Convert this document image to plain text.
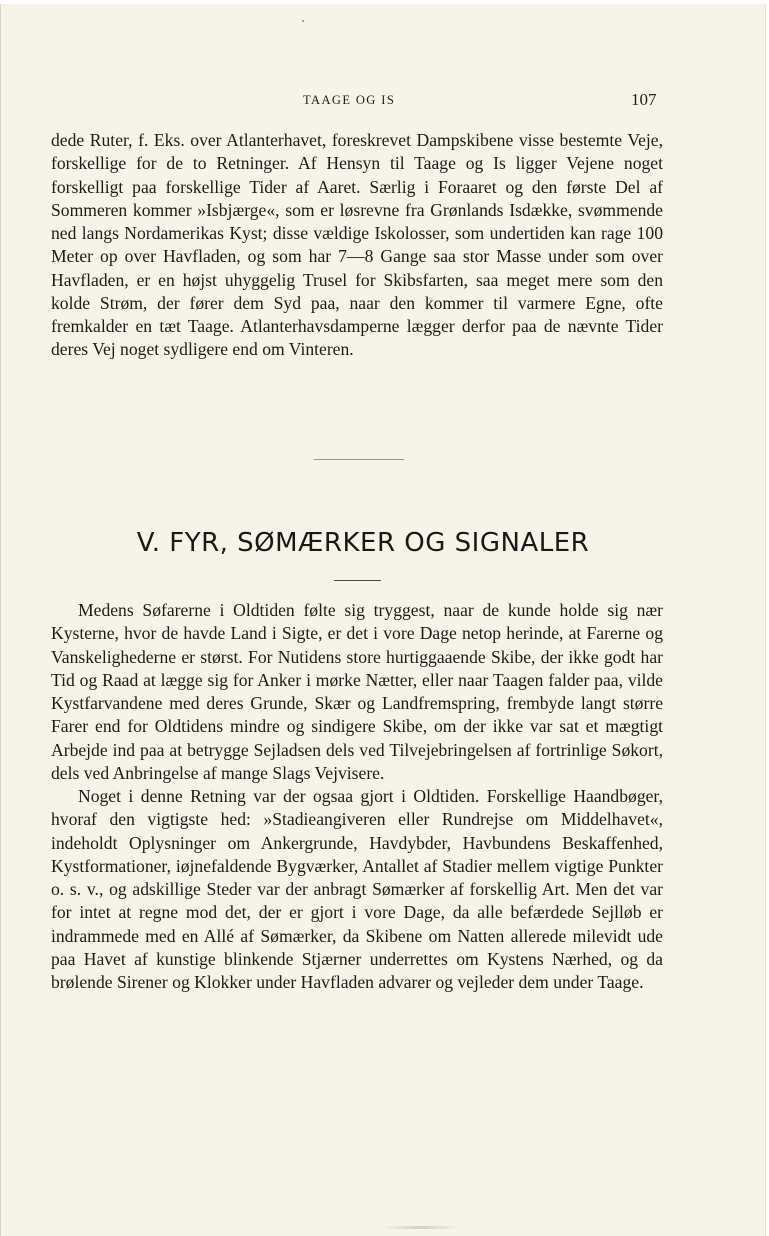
TAAGE OG IS	107

dede Ruter, f. Eks. over Atlanterhavet, foreskrevet Dampskibene visse bestemte Veje, forskellige for de to Retninger. Af Hensyn til Taage og Is ligger Vejene noget forskelligt paa forskellige Tider af Aaret. Særlig i Foraaret og den første Del af Sommeren kommer »Isbjærge«, som er løsrevne fra Grønlands Isdække, svømmende ned langs Nordamerikas Kyst; disse vældige Iskolosser, som undertiden kan rage 100 Meter op over Havfladen, og som har 7—8 Gange saa stor Masse under som over Havfladen, er en højst uhyggelig Trusel for Skibsfarten, saa meget mere som den kolde Strøm, der fører dem Syd paa, naar den kommer til varmere Egne, ofte fremkalder en tæt Taage. Atlanterhavsdamperne lægger derfor paa de nævnte Tider deres Vej noget sydligere end om Vinteren.

V. FYR, SØMÆRKER OG SIGNALER

Medens Søfarerne i Oldtiden følte sig tryggest, naar de kunde holde sig nær Kysterne, hvor de havde Land i Sigte, er det i vore Dage netop herinde, at Farerne og Vanskelighederne er størst. For Nutidens store hurtiggaaende Skibe, der ikke godt har Tid og Raad at lægge sig for Anker i mørke Nætter, eller naar Taagen falder paa, vilde Kystfarvandene med deres Grunde, Skær og Landfremspring, frembyde langt større Farer end for Oldtidens mindre og sindigere Skibe, om der ikke var sat et mægtigt Arbejde ind paa at betrygge Sejladsen dels ved Tilvejebringelsen af fortrinlige Søkort, dels ved Anbringelse af mange Slags Vejvisere.

Noget i denne Retning var der ogsaa gjort i Oldtiden. Forskellige Haandbøger, hvoraf den vigtigste hed: »Stadieangiveren eller Rundrejse om Middelhavet«, indeholdt Oplysninger om Ankergrunde, Havdybder, Havbundens Beskaffenhed, Kystformationer, iøjnefaldende Bygværker, Antallet af Stadier mellem vigtige Punkter o. s. v., og adskillige Steder var der anbragt Sømærker af forskellig Art. Men det var for intet at regne mod det, der er gjort i vore Dage, da alle befærdede Sejlløb er indrammede med en Allé af Sømærker, da Skibene om Natten allerede milevidt ude paa Havet af kunstige blinkende Stjærner underrettes om Kystens Nærhed, og da brølende Sirener og Klokker under Havfladen advarer og vejleder dem under Taage.
